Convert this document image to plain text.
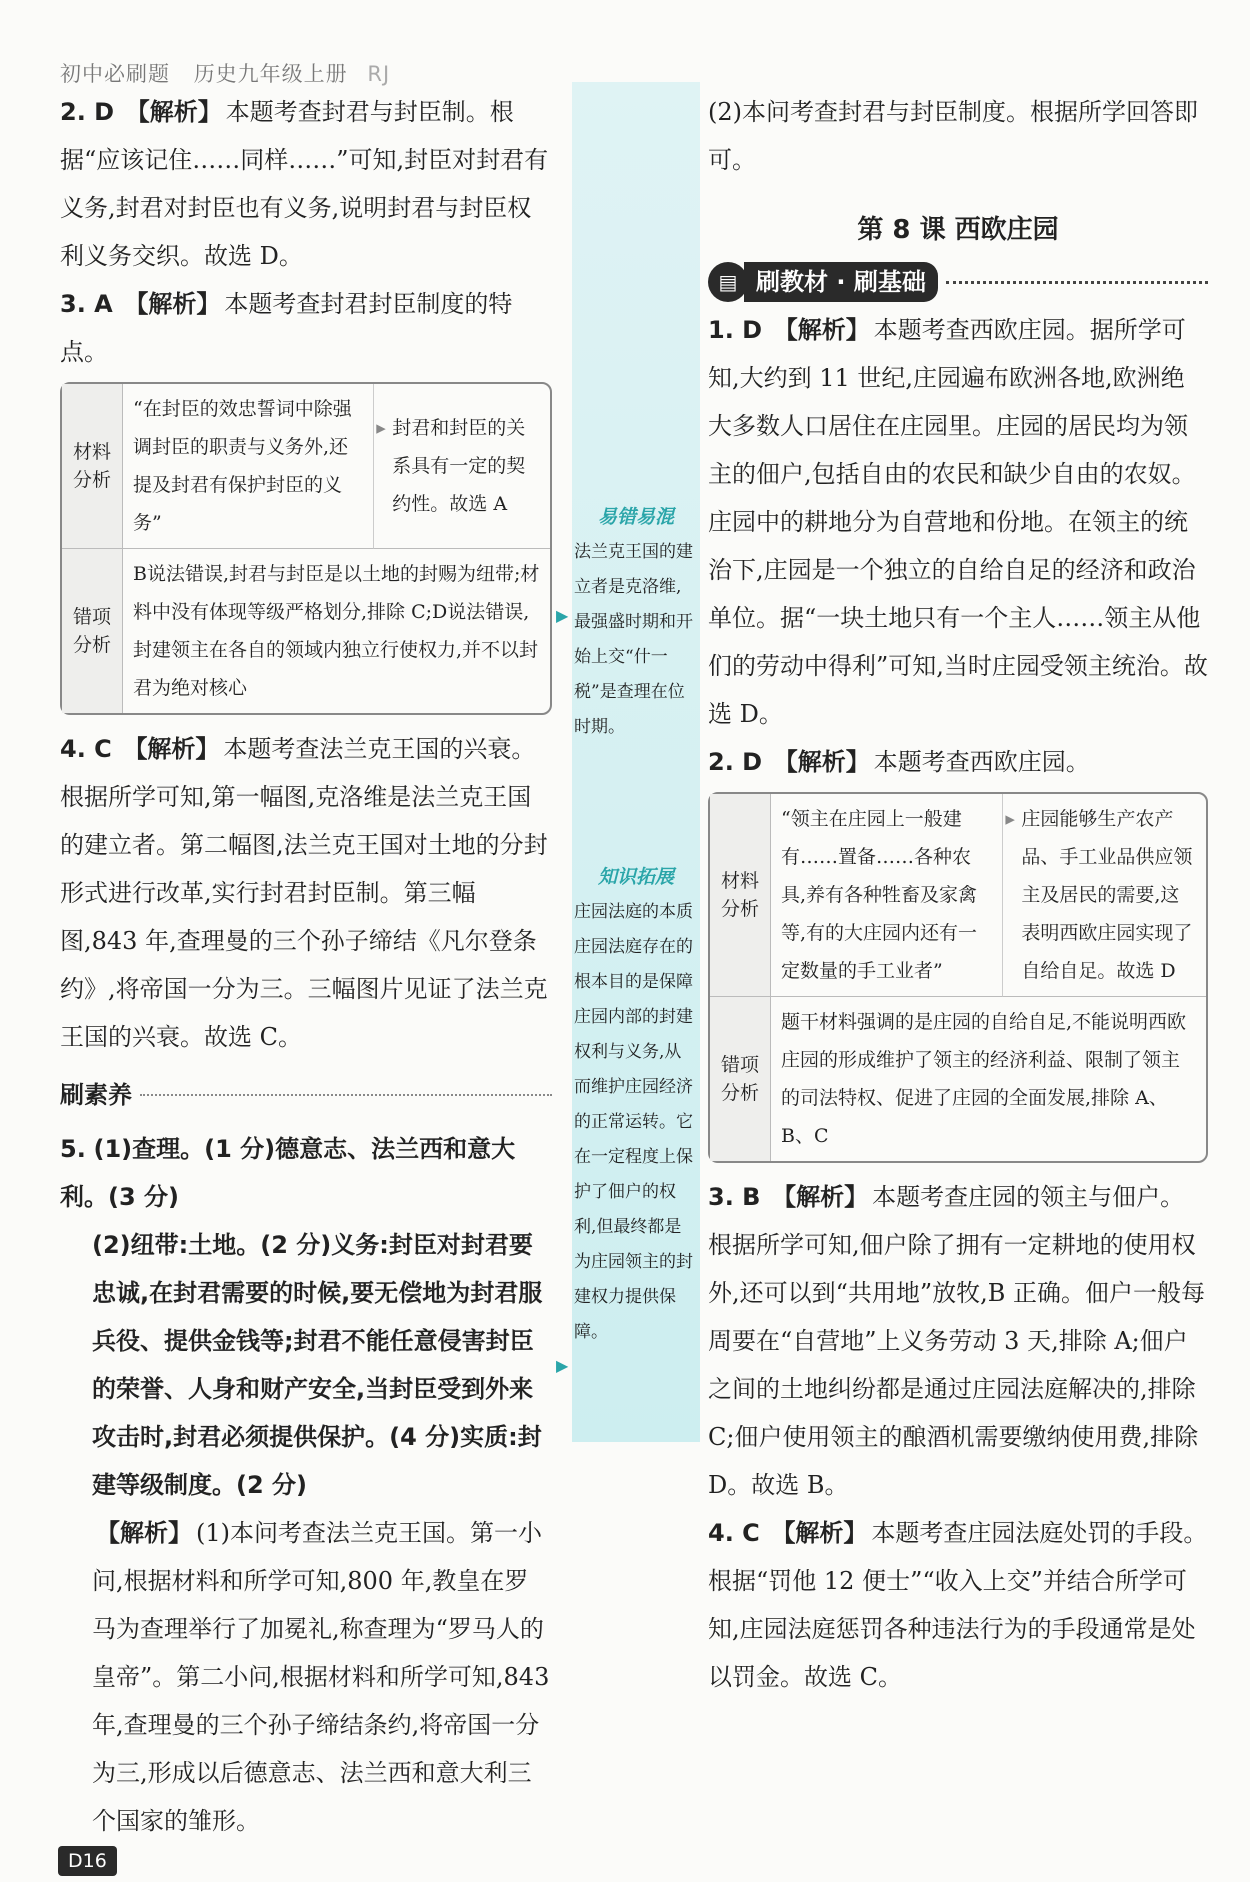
初中必刷题 历史九年级上册 RJ
2. D 【解析】 本题考查封君与封臣制。根据“应该记住……同样……”可知,封臣对封君有义务,封君对封臣也有义务,说明封君与封臣权利义务交织。故选 D。
3. A 【解析】 本题考查封君封臣制度的特点。
材料分析	“在封臣的效忠誓词中除强调封臣的职责与义务外,还提及封君有保护封臣的义务”	▸ 封君和封臣的关系具有一定的契约性。故选 A
错项分析	B说法错误,封君与封臣是以土地的封赐为纽带;材料中没有体现等级严格划分,排除 C;D说法错误,封建领主在各自的领域内独立行使权力,并不以封君为绝对核心	
4. C 【解析】 本题考查法兰克王国的兴衰。根据所学可知,第一幅图,克洛维是法兰克王国的建立者。第二幅图,法兰克王国对土地的分封形式进行改革,实行封君封臣制。第三幅图,843 年,查理曼的三个孙子缔结《凡尔登条约》,将帝国一分为三。三幅图片见证了法兰克王国的兴衰。故选 C。
刷素养
5. (1)查理。(1 分)德意志、法兰西和意大利。(3 分)
(2)纽带:土地。(2 分)义务:封臣对封君要忠诚,在封君需要的时候,要无偿地为封君服兵役、提供金钱等;封君不能任意侵害封臣的荣誉、人身和财产安全,当封臣受到外来攻击时,封君必须提供保护。(4 分)实质:封建等级制度。(2 分)
【解析】 (1)本问考查法兰克王国。第一小问,根据材料和所学可知,800 年,教皇在罗马为查理举行了加冕礼,称查理为“罗马人的皇帝”。第二小问,根据材料和所学可知,843 年,查理曼的三个孙子缔结条约,将帝国一分为三,形成以后德意志、法兰西和意大利三个国家的雏形。
易错易混
法兰克王国的建立者是克洛维,最强盛时期和开始上交“什一税”是查理在位时期。
知识拓展
庄园法庭的本质 庄园法庭存在的根本目的是保障庄园内部的封建权利与义务,从而维护庄园经济的正常运转。它在一定程度上保护了佃户的权利,但最终都是为庄园领主的封建权力提供保障。
▶
▶
(2)本问考查封君与封臣制度。根据所学回答即可。
第 8 课 西欧庄园
▤ 刷教材 · 刷基础
1. D 【解析】 本题考查西欧庄园。据所学可知,大约到 11 世纪,庄园遍布欧洲各地,欧洲绝大多数人口居住在庄园里。庄园的居民均为领主的佃户,包括自由的农民和缺少自由的农奴。庄园中的耕地分为自营地和份地。在领主的统治下,庄园是一个独立的自给自足的经济和政治单位。据“一块土地只有一个主人……领主从他们的劳动中得利”可知,当时庄园受领主统治。故选 D。
2. D 【解析】 本题考查西欧庄园。
材料分析	“领主在庄园上一般建有……置备……各种农具,养有各种牲畜及家禽等,有的大庄园内还有一定数量的手工业者”	▸ 庄园能够生产农产品、手工业品供应领主及居民的需要,这表明西欧庄园实现了自给自足。故选 D
错项分析	题干材料强调的是庄园的自给自足,不能说明西欧庄园的形成维护了领主的经济利益、限制了领主的司法特权、促进了庄园的全面发展,排除 A、B、C	
3. B 【解析】 本题考查庄园的领主与佃户。根据所学可知,佃户除了拥有一定耕地的使用权外,还可以到“共用地”放牧,B 正确。佃户一般每周要在“自营地”上义务劳动 3 天,排除 A;佃户之间的土地纠纷都是通过庄园法庭解决的,排除 C;佃户使用领主的酿酒机需要缴纳使用费,排除 D。故选 B。
4. C 【解析】 本题考查庄园法庭处罚的手段。根据“罚他 12 便士”“收入上交”并结合所学可知,庄园法庭惩罚各种违法行为的手段通常是处以罚金。故选 C。
D16
